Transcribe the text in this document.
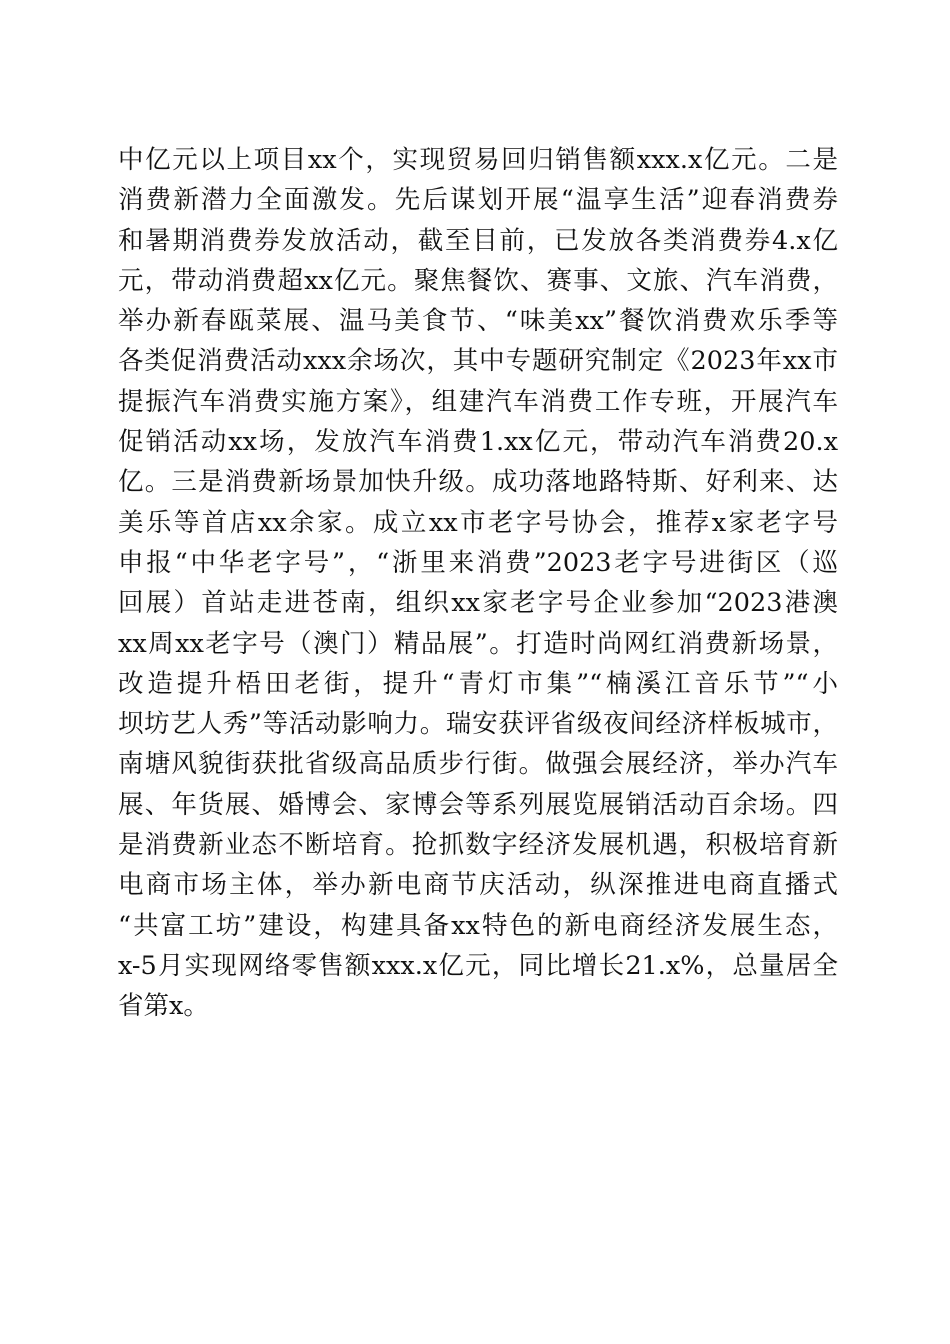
中亿元以上项目xx个，实现贸易回归销售额xxx.x亿元。二是
消费新潜力全面激发。先后谋划开展“温享生活”迎春消费券
和暑期消费券发放活动，截至目前，已发放各类消费券4.x亿
元，带动消费超xx亿元。聚焦餐饮、赛事、文旅、汽车消费，
举办新春瓯菜展、温马美食节、“味美xx”餐饮消费欢乐季等
各类促消费活动xxx余场次，其中专题研究制定《2023年xx市
提振汽车消费实施方案》，组建汽车消费工作专班，开展汽车
促销活动xx场，发放汽车消费1.xx亿元，带动汽车消费20.x
亿。三是消费新场景加快升级。成功落地路特斯、好利来、达
美乐等首店xx余家。成立xx市老字号协会，推荐x家老字号
申报“中华老字号”，“浙里来消费”2023老字号进街区（巡
回展）首站走进苍南，组织xx家老字号企业参加“2023港澳
xx周xx老字号（澳门）精品展”。打造时尚网红消费新场景，
改造提升梧田老街，提升“青灯市集”“楠溪江音乐节”“小
坝坊艺人秀”等活动影响力。瑞安获评省级夜间经济样板城市，
南塘风貌街获批省级高品质步行街。做强会展经济，举办汽车
展、年货展、婚博会、家博会等系列展览展销活动百余场。四
是消费新业态不断培育。抢抓数字经济发展机遇，积极培育新
电商市场主体，举办新电商节庆活动，纵深推进电商直播式
“共富工坊”建设，构建具备xx特色的新电商经济发展生态，
x-5月实现网络零售额xxx.x亿元，同比增长21.x%，总量居全
省第x。
